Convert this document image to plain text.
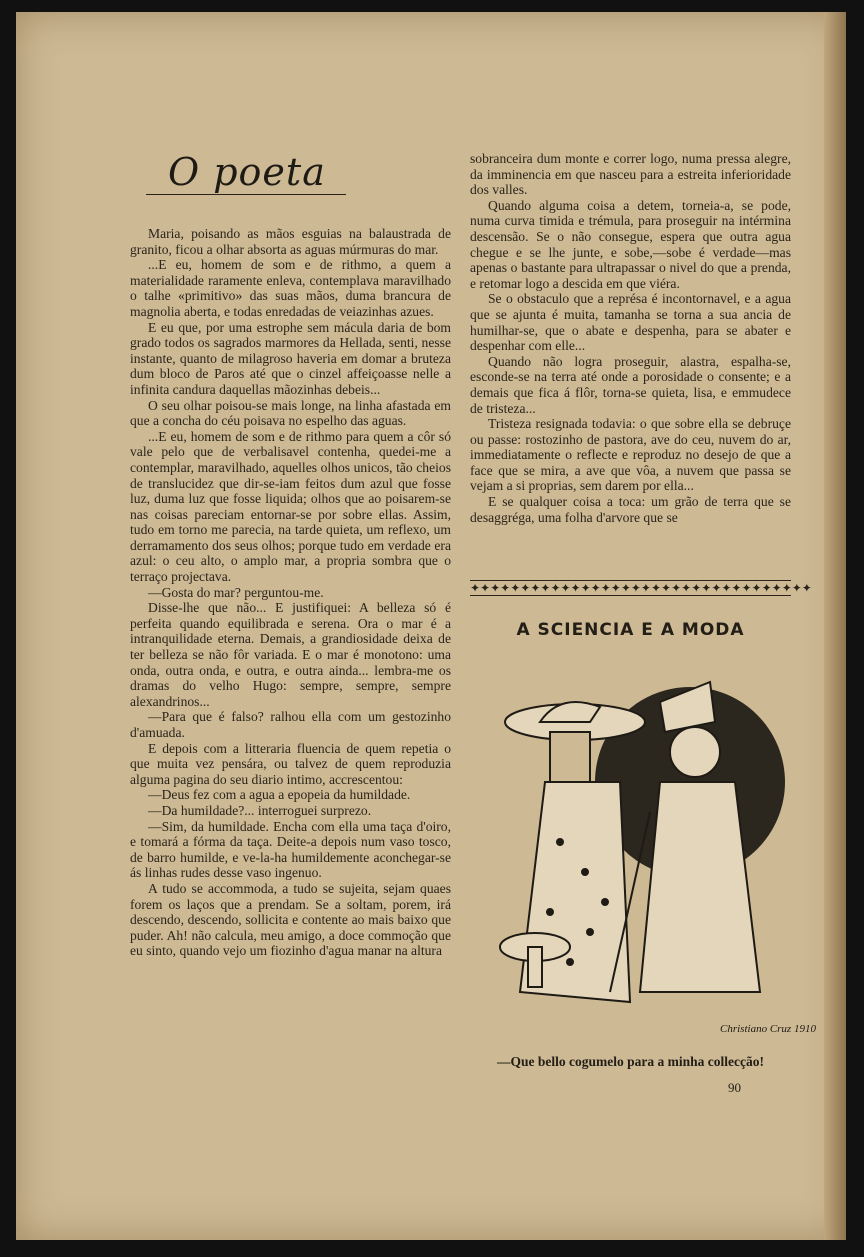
O poeta

Maria, poisando as mãos esguias na balaustrada de granito, ficou a olhar absorta as aguas múrmuras do mar.

...E eu, homem de som e de rithmo, a quem a materialidade raramente enleva, contemplava maravilhado o talhe «primitivo» das suas mãos, duma brancura de magnolia aberta, e todas enredadas de veiazinhas azues.

E eu que, por uma estrophe sem mácula daria de bom grado todos os sagrados marmores da Hellada, senti, nesse instante, quanto de milagroso haveria em domar a bruteza dum bloco de Paros até que o cinzel affeiçoasse nelle a infinita candura daquellas mãozinhas debeis...

O seu olhar poisou-se mais longe, na linha afastada em que a concha do céu poisava no espelho das aguas.

...E eu, homem de som e de rithmo para quem a côr só vale pelo que de verbalisavel contenha, quedei-me a contemplar, maravilhado, aquelles olhos unicos, tão cheios de translucidez que dir-se-iam feitos dum azul que fosse luz, duma luz que fosse liquida; olhos que ao poisarem-se nas coisas pareciam entornar-se por sobre ellas. Assim, tudo em torno me parecia, na tarde quieta, um reflexo, um derramamento dos seus olhos; porque tudo em verdade era azul: o ceu alto, o amplo mar, a propria sombra que o terraço projectava.

—Gosta do mar? perguntou-me.

Disse-lhe que não... E justifiquei: A belleza só é perfeita quando equilibrada e serena. Ora o mar é a intranquilidade eterna. Demais, a grandiosidade deixa de ter belleza se não fôr variada. E o mar é monotono: uma onda, outra onda, e outra, e outra ainda... lembra-me os dramas do velho Hugo: sempre, sempre, sempre alexandrinos...

—Para que é falso? ralhou ella com um gestozinho d'amuada.

E depois com a litteraria fluencia de quem repetia o que muita vez pensára, ou talvez de quem reproduzia alguma pagina do seu diario intimo, accrescentou:

—Deus fez com a agua a epopeia da humildade.

—Da humildade?... interroguei surprezo.

—Sim, da humildade. Encha com ella uma taça d'oiro, e tomará a fórma da taça. Deite-a depois num vaso tosco, de barro humilde, e ve-la-ha humildemente aconchegar-se ás linhas rudes desse vaso ingenuo.

A tudo se accommoda, a tudo se sujeita, sejam quaes forem os laços que a prendam. Se a soltam, porem, irá descendo, descendo, sollicita e contente ao mais baixo que puder. Ah! não calcula, meu amigo, a doce commoção que eu sinto, quando vejo um fiozinho d'agua manar na altura

sobranceira dum monte e correr logo, numa pressa alegre, da imminencia em que nasceu para a estreita inferioridade dos valles.

Quando alguma coisa a detem, torneia-a, se pode, numa curva timida e trémula, para proseguir na intérmina descensão. Se o não consegue, espera que outra agua chegue e se lhe junte, e sobe,—sobe é verdade—mas apenas o bastante para ultrapassar o nivel do que a prenda, e retomar logo a descida em que viéra.

Se o obstaculo que a représa é incontornavel, e a agua que se ajunta é muita, tamanha se torna a sua ancia de humilhar-se, que o abate e despenha, para se abater e despenhar com elle...

Quando não logra proseguir, alastra, espalha-se, esconde-se na terra até onde a porosidade o consente; e a demais que fica á flôr, torna-se quieta, lisa, e emmudece de tristeza...

Tristeza resignada todavia: o que sobre ella se debruçe ou passe: rostozinho de pastora, ave do ceu, nuvem do ar, immediatamente o reflecte e reproduz no desejo de que a face que se mira, a ave que vôa, a nuvem que passa se vejam a si proprias, sem darem por ella...

E se qualquer coisa a toca: um grão de terra que se desaggréga, uma folha d'arvore que se

✦✦✦✦✦✦✦✦✦✦✦✦✦✦✦✦✦✦✦✦✦✦✦✦✦✦✦✦✦✦✦✦✦✦
A SCIENCIA E A MODA
Christiano Cruz 1910
—Que bello cogumelo para a minha collecção!
90
